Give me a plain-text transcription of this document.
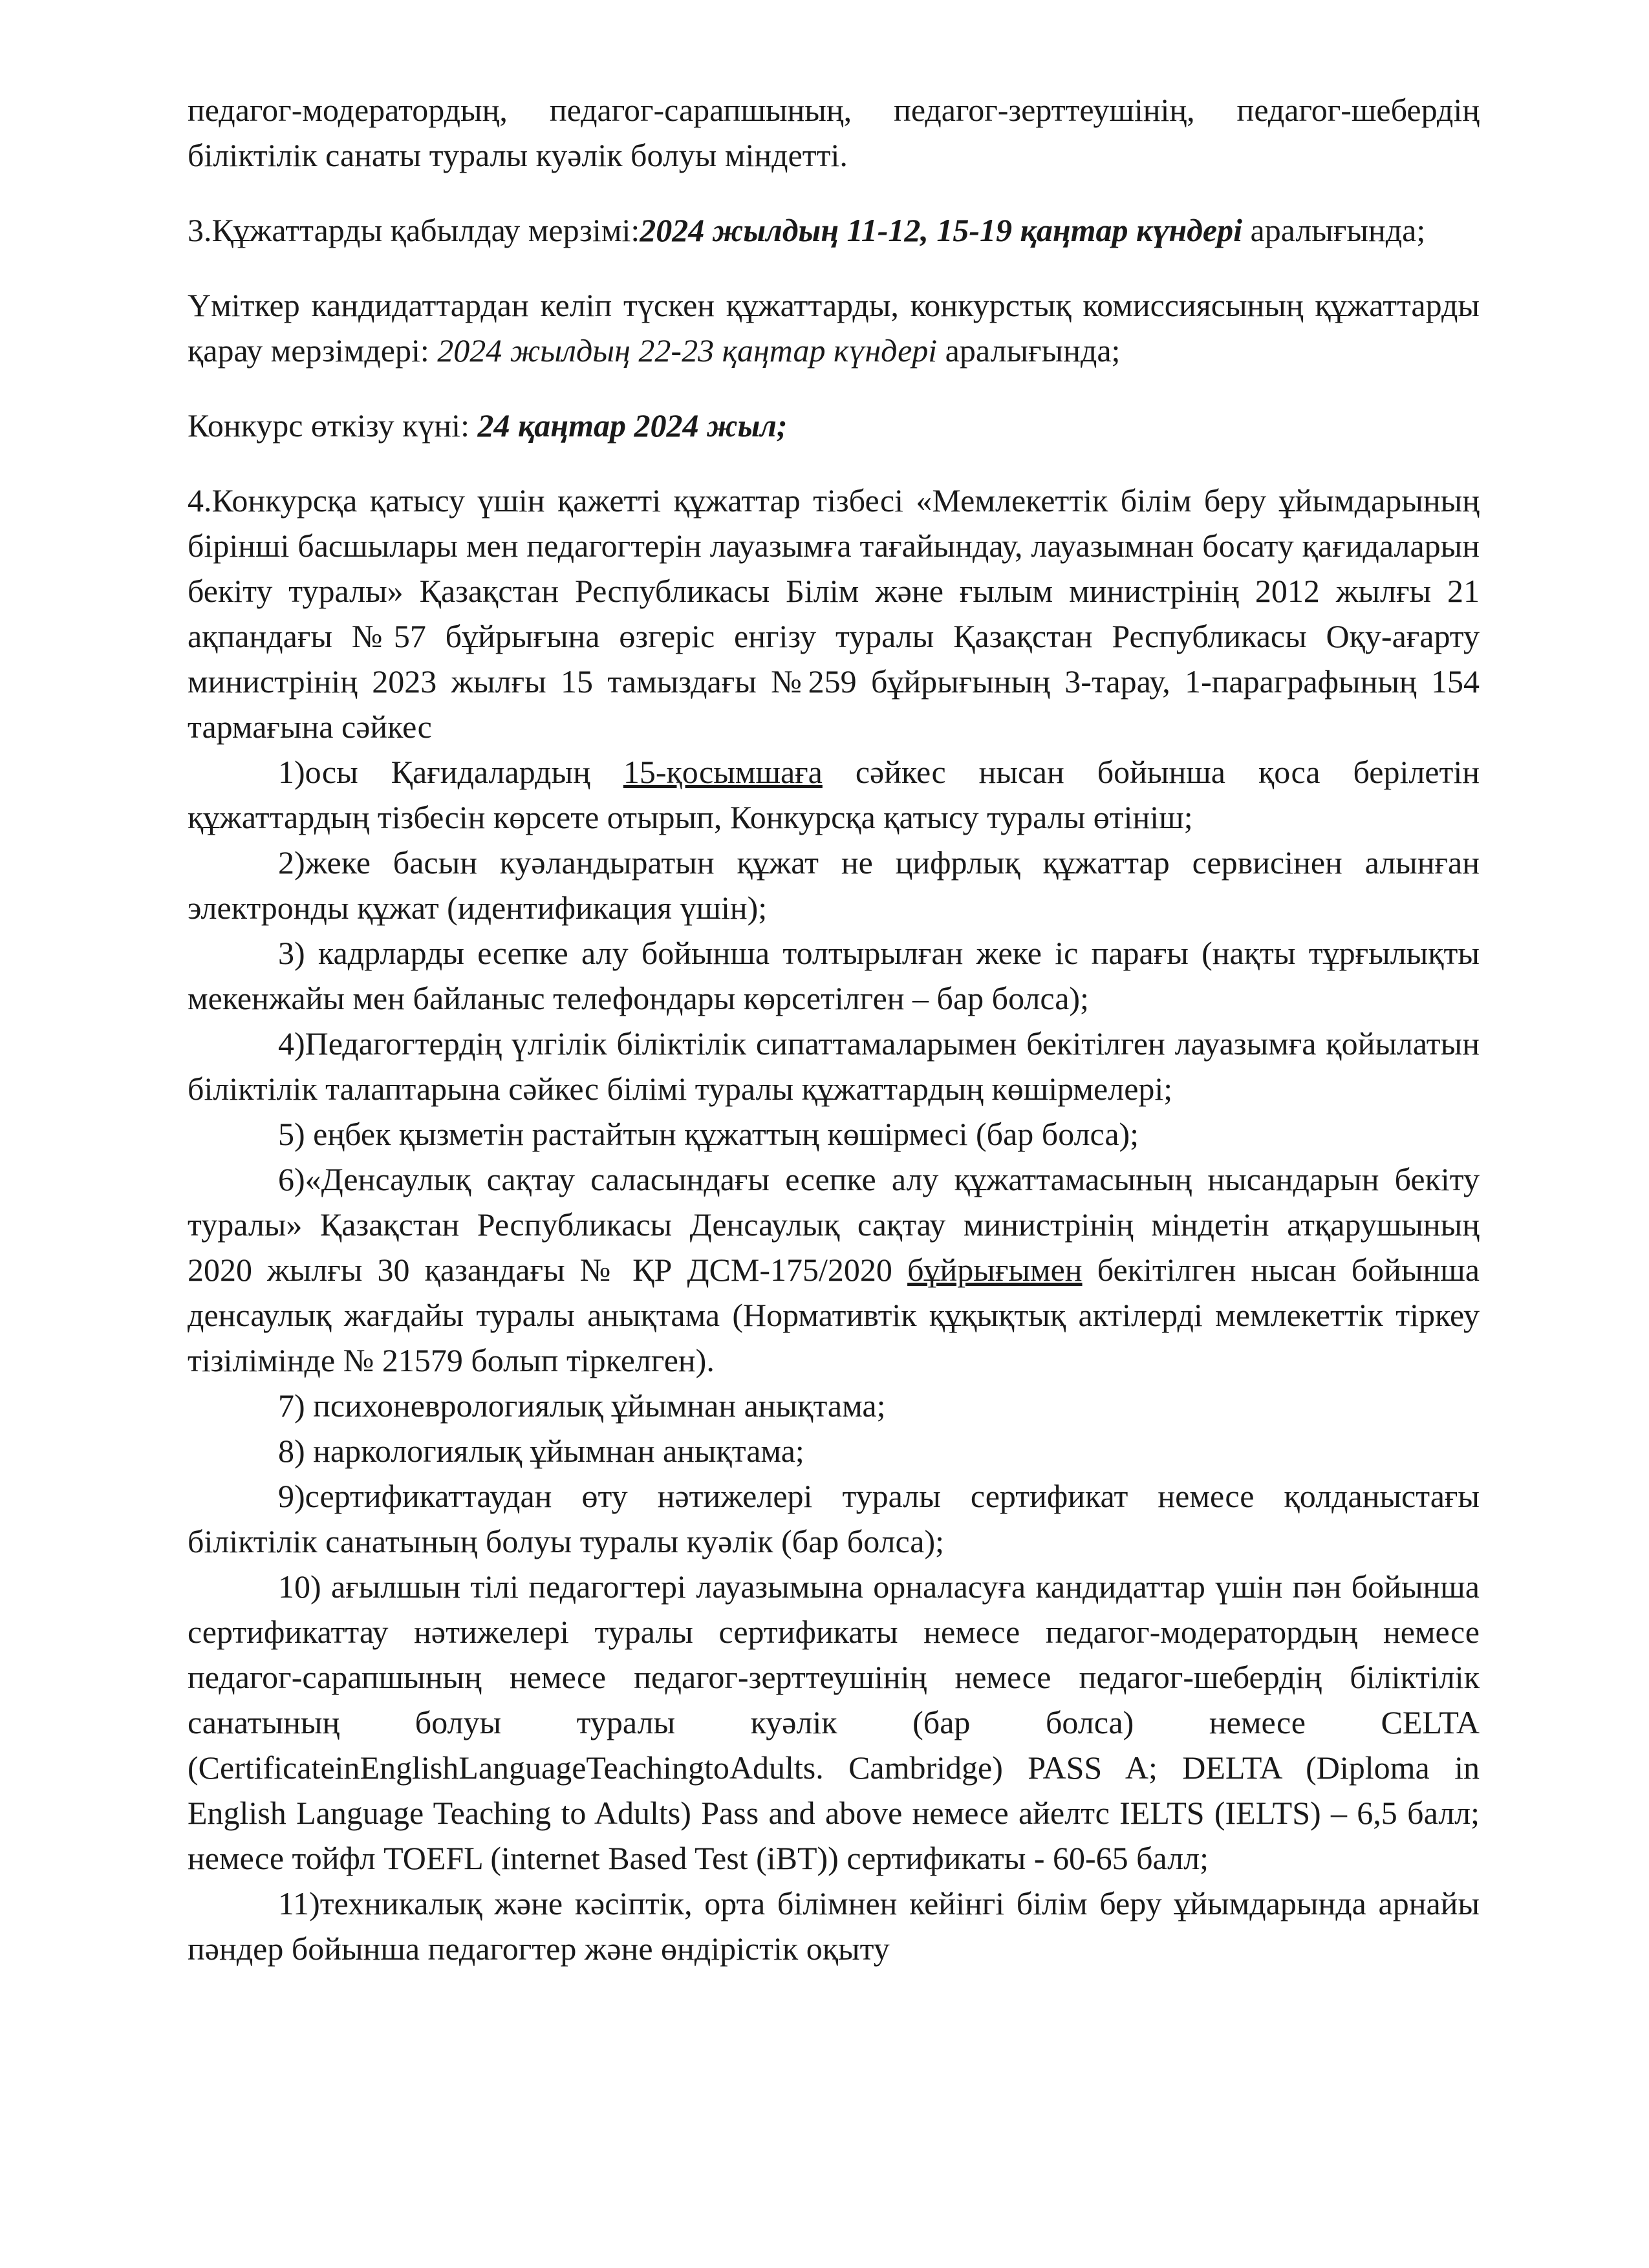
педагог-модератордың, педагог-сарапшының, педагог-зерттеушінің, педагог-шебердің біліктілік санаты туралы куәлік болуы міндетті.

3.Құжаттарды қабылдау мерзімі:2024 жылдың 11-12, 15-19 қаңтар күндері аралығында;

Үміткер кандидаттардан келіп түскен құжаттарды, конкурстық комиссиясының құжаттарды қарау мерзімдері: 2024 жылдың 22-23 қаңтар күндері аралығында;

Конкурс өткізу күні: 24 қаңтар 2024 жыл;

4.Конкурсқа қатысу үшін қажетті құжаттар тізбесі «Мемлекеттік білім беру ұйымдарының бірінші басшылары мен педагогтерін лауазымға тағайындау, лауазымнан босату қағидаларын бекіту туралы» Қазақстан Республикасы Білім және ғылым министрінің 2012 жылғы 21 ақпандағы №57 бұйрығына өзгеріс енгізу туралы Қазақстан Республикасы Оқу-ағарту министрінің 2023 жылғы 15 тамыздағы №259 бұйрығының 3-тарау, 1-параграфының 154 тармағына сәйкес

1)осы Қағидалардың 15-қосымшаға сәйкес нысан бойынша қоса берілетін құжаттардың тізбесін көрсете отырып, Конкурсқа қатысу туралы өтініш;

2)жеке басын куәландыратын құжат не цифрлық құжаттар сервисінен алынған электронды құжат (идентификация үшін);

3) кадрларды есепке алу бойынша толтырылған жеке іс парағы (нақты тұрғылықты мекенжайы мен байланыс телефондары көрсетілген – бар болса);

4)Педагогтердің үлгілік біліктілік сипаттамаларымен бекітілген лауазымға қойылатын біліктілік талаптарына сәйкес білімі туралы құжаттардың көшірмелері;

5) еңбек қызметін растайтын құжаттың көшірмесі (бар болса);

6)«Денсаулық сақтау саласындағы есепке алу құжаттамасының нысандарын бекіту туралы» Қазақстан Республикасы Денсаулық сақтау министрінің міндетін атқарушының 2020 жылғы 30 қазандағы № ҚР ДСМ-175/2020 бұйрығымен бекітілген нысан бойынша денсаулық жағдайы туралы анықтама (Нормативтік құқықтық актілерді мемлекеттік тіркеу тізілімінде № 21579 болып тіркелген).

7) психоневрологиялық ұйымнан анықтама;

8) наркологиялық ұйымнан анықтама;

9)сертификаттаудан өту нәтижелері туралы сертификат немесе қолданыстағы біліктілік санатының болуы туралы куәлік (бар болса);

10) ағылшын тілі педагогтері лауазымына орналасуға кандидаттар үшін пән бойынша сертификаттау нәтижелері туралы сертификаты немесе педагог-модератордың немесе педагог-сарапшының немесе педагог-зерттеушінің немесе педагог-шебердің біліктілік санатының болуы туралы куәлік (бар болса) немесе CELTA (CertificateinEnglishLanguageTeachingtoAdults. Cambridge) PASS A; DELTA (Diploma in English Language Teaching to Adults) Pass and above немесе айелтс IELTS (IELTS) – 6,5 балл; немесе тойфл TOEFL (internet Based Test (iBT)) сертификаты - 60-65 балл;

11)техникалық және кәсіптік, орта білімнен кейінгі білім беру ұйымдарында арнайы пәндер бойынша педагогтер және өндірістік оқыту
